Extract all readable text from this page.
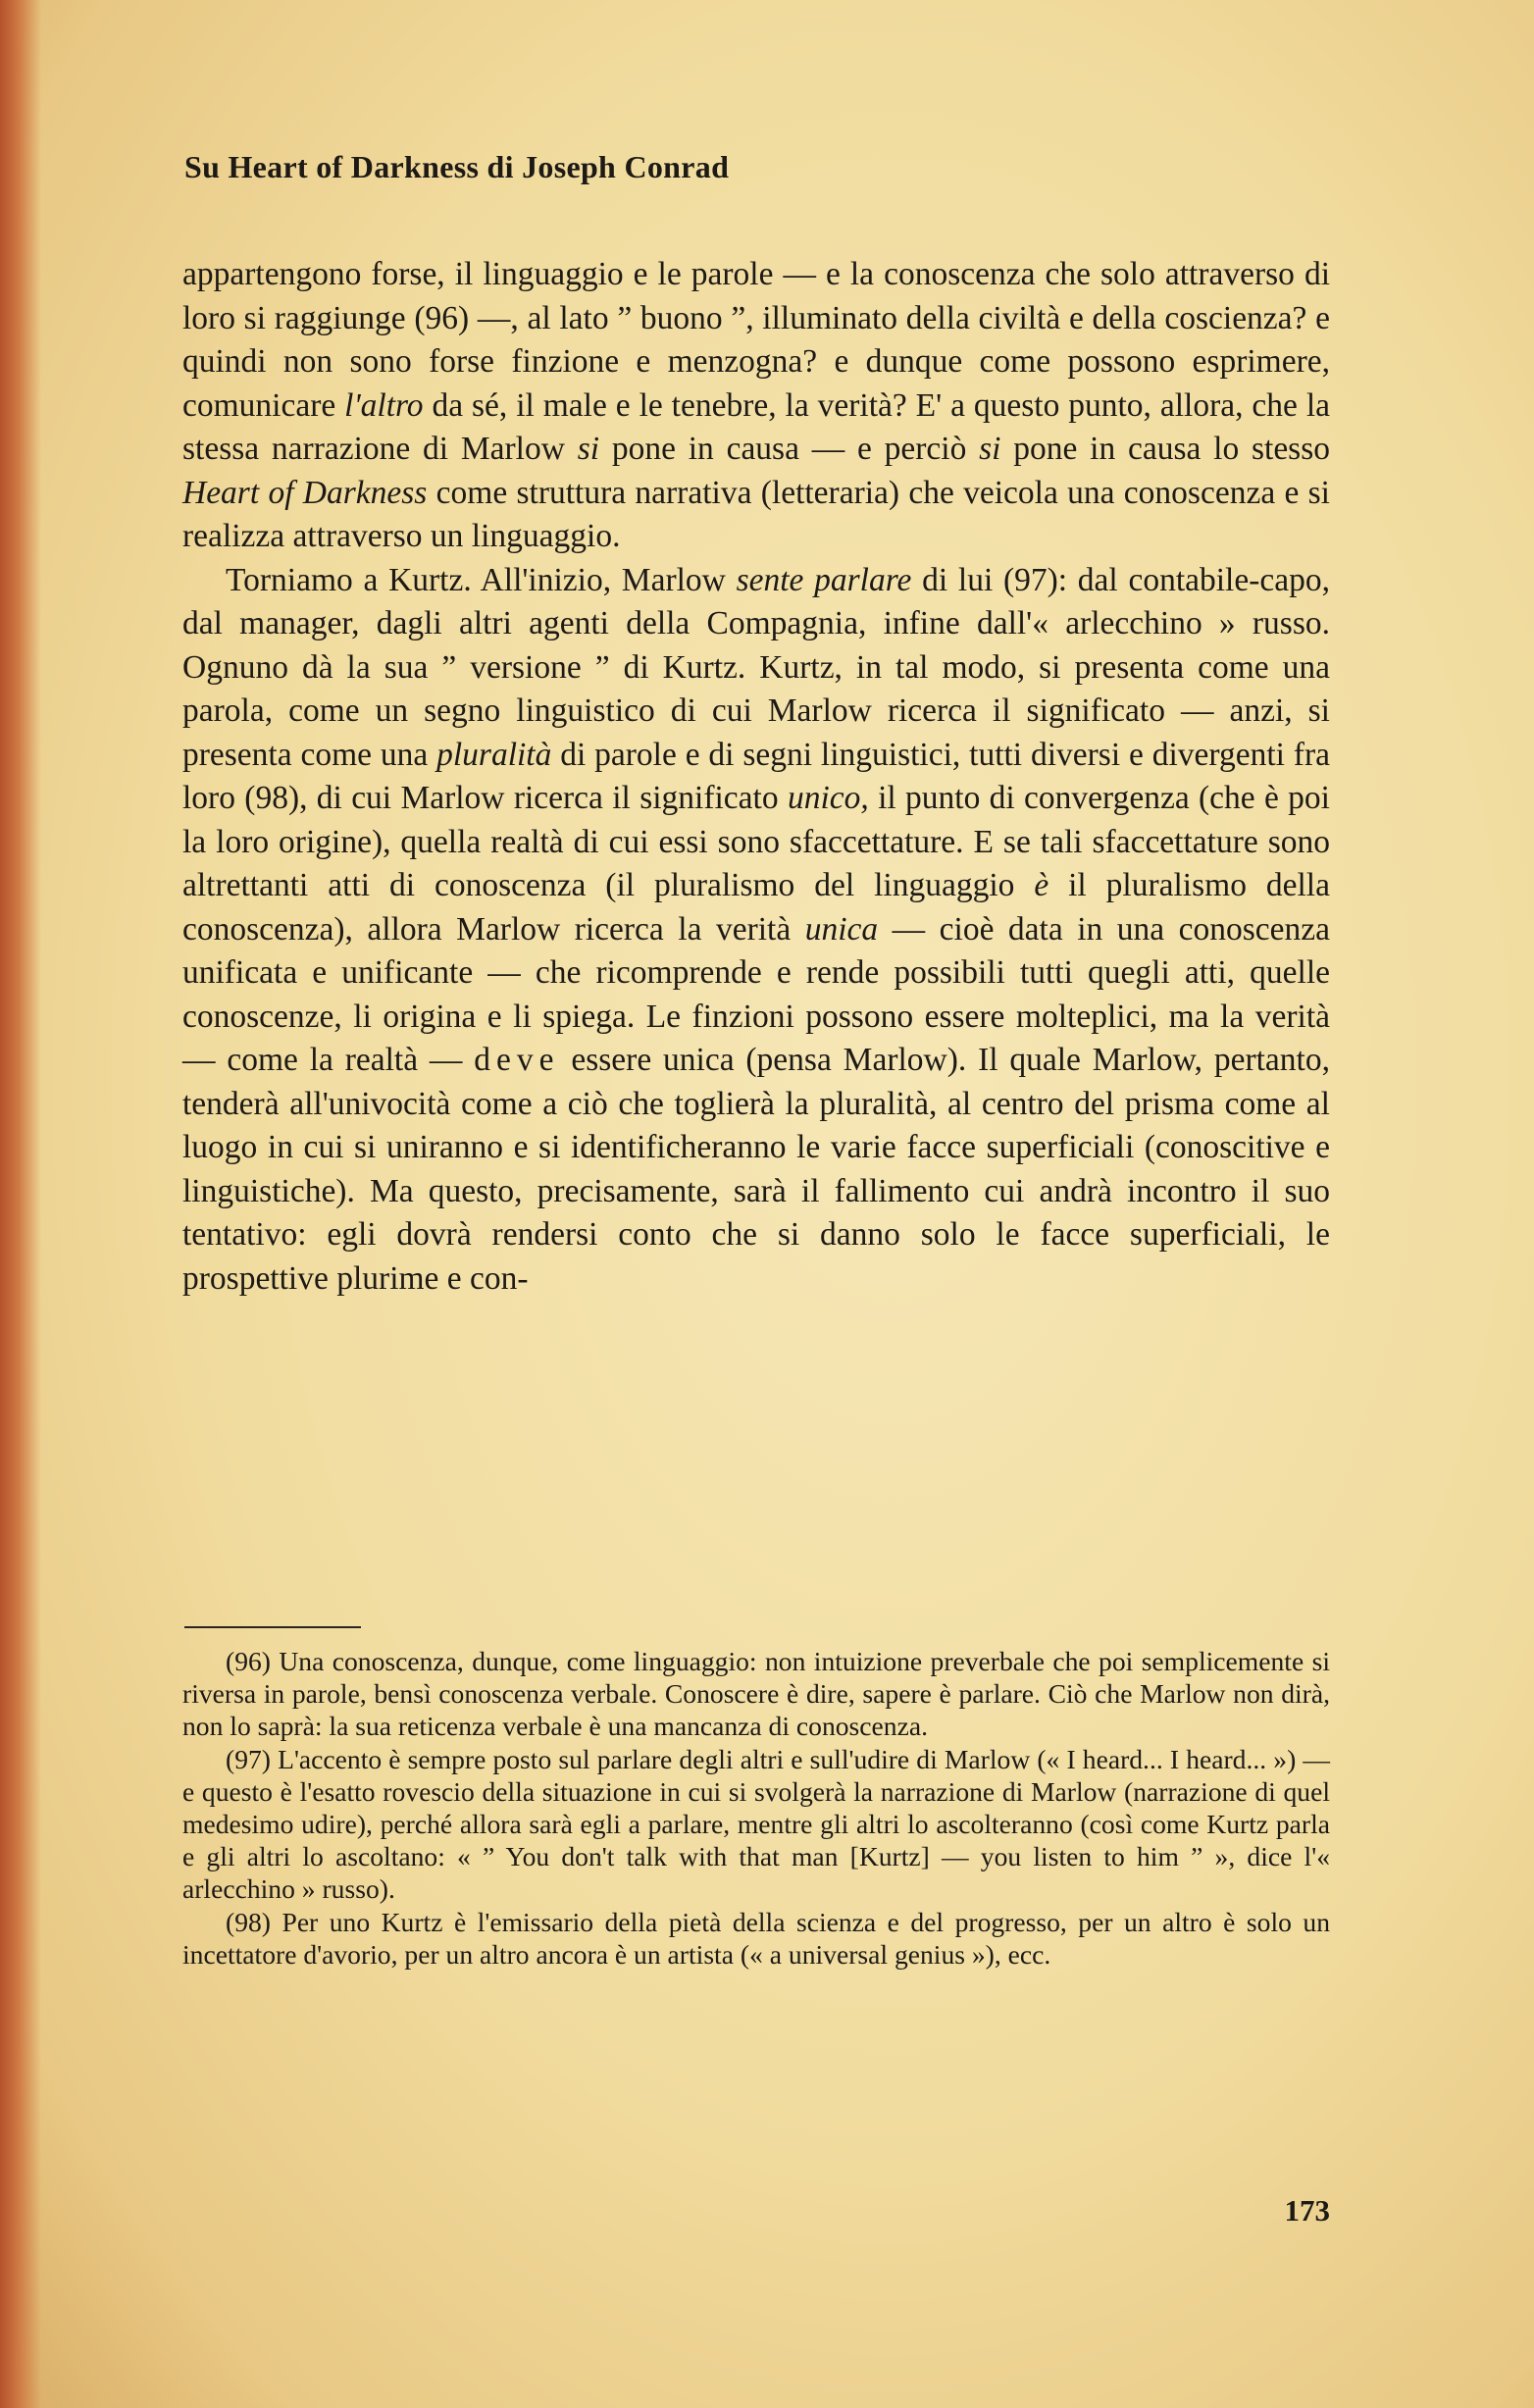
Su Heart of Darkness di Joseph Conrad

appartengono forse, il linguaggio e le parole — e la conoscenza che solo attraverso di loro si raggiunge (96) —, al lato ” buono ”, illuminato della civiltà e della coscienza? e quindi non sono forse finzione e menzogna? e dunque come possono esprimere, comunicare l'altro da sé, il male e le tenebre, la verità? E' a questo punto, allora, che la stessa narrazione di Marlow si pone in causa — e perciò si pone in causa lo stesso Heart of Darkness come struttura narrativa (letteraria) che veicola una conoscenza e si realizza attraverso un linguaggio.

Torniamo a Kurtz. All'inizio, Marlow sente parlare di lui (97): dal contabile-capo, dal manager, dagli altri agenti della Compagnia, infine dall'« arlecchino » russo. Ognuno dà la sua ” versione ” di Kurtz. Kurtz, in tal modo, si presenta come una parola, come un segno linguistico di cui Marlow ricerca il significato — anzi, si presenta come una pluralità di parole e di segni linguistici, tutti diversi e divergenti fra loro (98), di cui Marlow ricerca il significato unico, il punto di convergenza (che è poi la loro origine), quella realtà di cui essi sono sfaccettature. E se tali sfaccettature sono altrettanti atti di conoscenza (il pluralismo del linguaggio è il pluralismo della conoscenza), allora Marlow ricerca la verità unica — cioè data in una conoscenza unificata e unificante — che ricomprende e rende possibili tutti quegli atti, quelle conoscenze, li origina e li spiega. Le finzioni possono essere molteplici, ma la verità — come la realtà — deve essere unica (pensa Marlow). Il quale Marlow, pertanto, tenderà all'univocità come a ciò che toglierà la pluralità, al centro del prisma come al luogo in cui si uniranno e si identificheranno le varie facce superficiali (conoscitive e linguistiche). Ma questo, precisamente, sarà il fallimento cui andrà incontro il suo tentativo: egli dovrà rendersi conto che si danno solo le facce superficiali, le prospettive plurime e con-

(96) Una conoscenza, dunque, come linguaggio: non intuizione preverbale che poi semplicemente si riversa in parole, bensì conoscenza verbale. Conoscere è dire, sapere è parlare. Ciò che Marlow non dirà, non lo saprà: la sua reticenza verbale è una mancanza di conoscenza.

(97) L'accento è sempre posto sul parlare degli altri e sull'udire di Marlow (« I heard... I heard... ») — e questo è l'esatto rovescio della situazione in cui si svolgerà la narrazione di Marlow (narrazione di quel medesimo udire), perché allora sarà egli a parlare, mentre gli altri lo ascolteranno (così come Kurtz parla e gli altri lo ascoltano: « ” You don't talk with that man [Kurtz] — you listen to him ” », dice l'« arlecchino » russo).

(98) Per uno Kurtz è l'emissario della pietà della scienza e del progresso, per un altro è solo un incettatore d'avorio, per un altro ancora è un artista (« a universal genius »), ecc.

173
